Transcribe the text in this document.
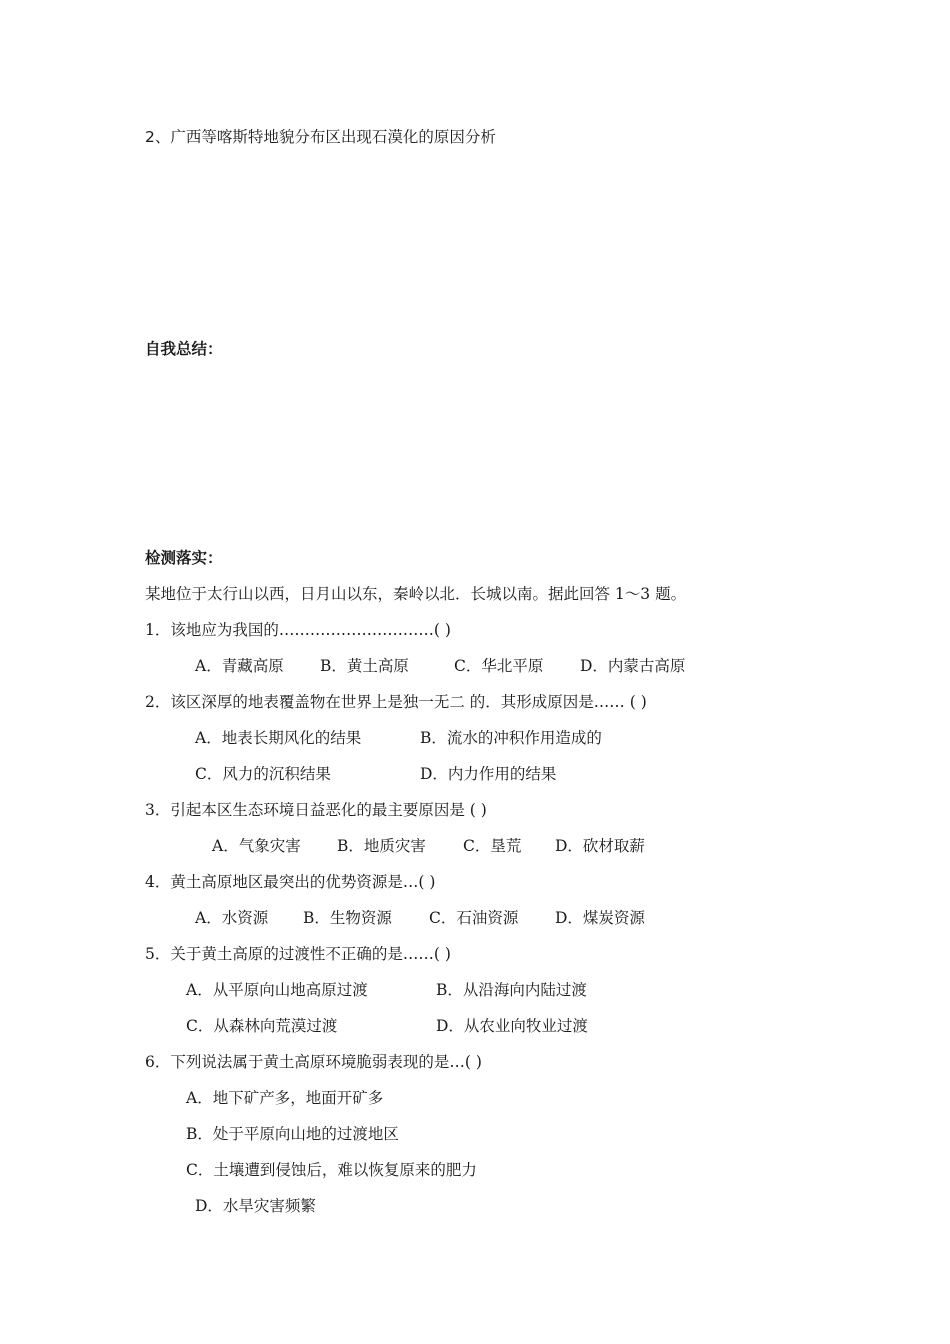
2、广西等喀斯特地貌分布区出现石漠化的原因分析
自我总结：
检测落实：
某地位于太行山以西，日月山以东，秦岭以北．长城以南。据此回答 1～3 题。
1．该地应为我国的…………………………( )
A．青藏高原 B．黄土高原	C．华北平原 D．内蒙古高原
2．该区深厚的地表覆盖物在世界上是独一无二 的．其形成原因是…… ( )
A．地表长期风化的结果	B．流水的冲积作用造成的
C．风力的沉积结果	D．内力作用的结果
3．引起本区生态环境日益恶化的最主要原因是 ( )
A．气象灾害 B．地质灾害 C．垦荒 D．砍材取薪
4．黄土高原地区最突出的优势资源是…( )
A．水资源 B．生物资源 C．石油资源 D．煤炭资源
5．关于黄土高原的过渡性不正确的是……( )
A．从平原向山地高原过渡	B．从沿海向内陆过渡
C．从森林向荒漠过渡	D．从农业向牧业过渡
6．下列说法属于黄土高原环境脆弱表现的是…( )
A．地下矿产多，地面开矿多
B．处于平原向山地的过渡地区
C．土壤遭到侵蚀后，难以恢复原来的肥力
D．水旱灾害频繁
